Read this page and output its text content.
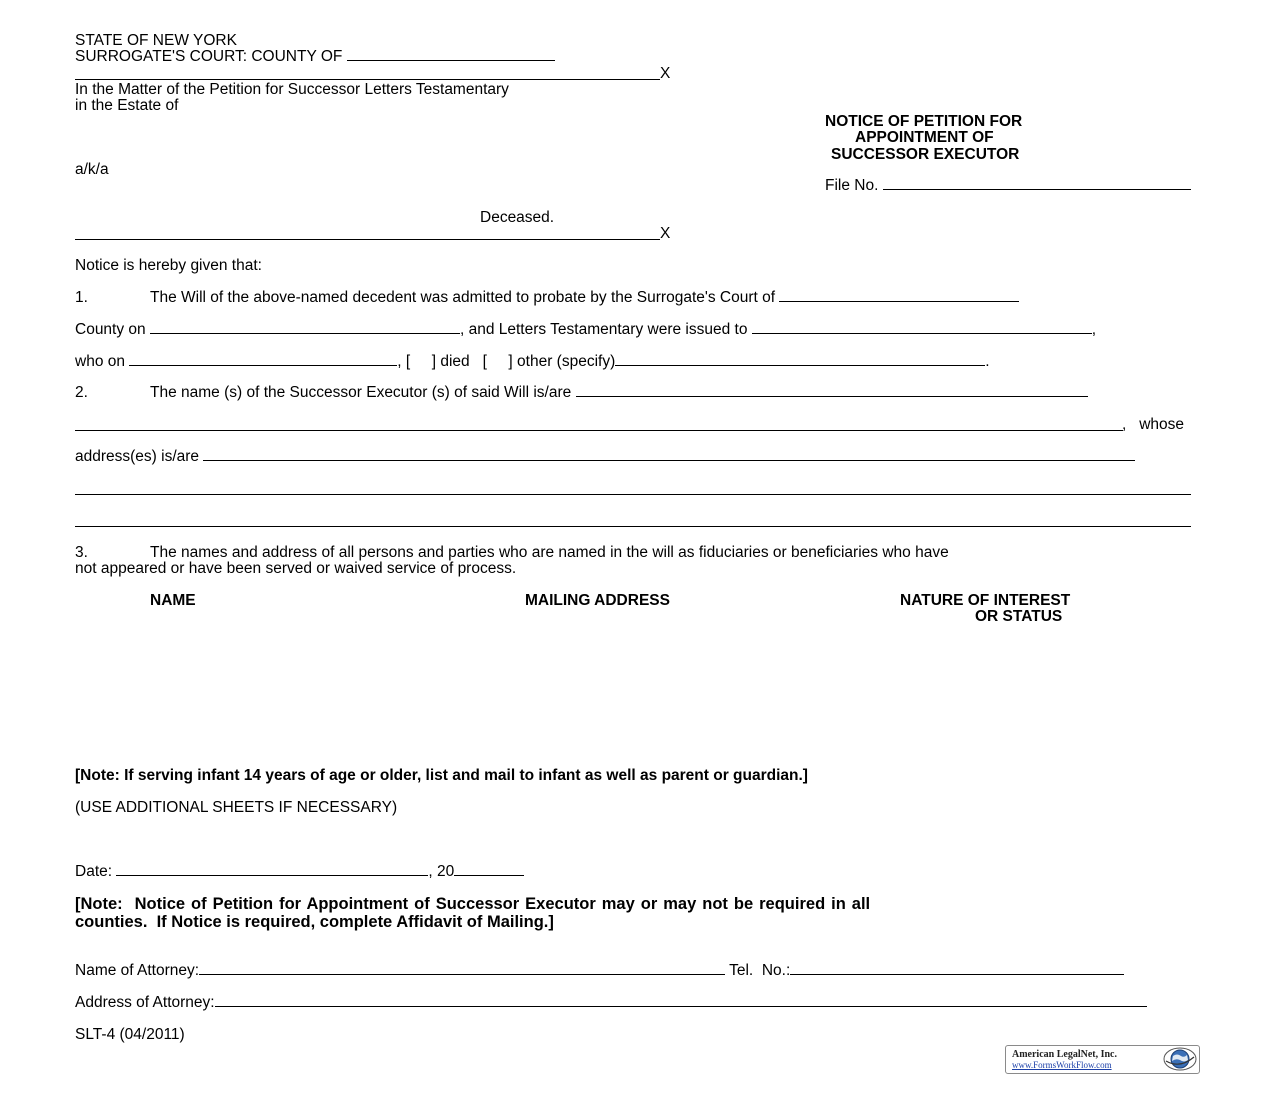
STATE OF NEW YORK
SURROGATE'S COURT: COUNTY OF
X
In the Matter of the Petition for Successor Letters Testamentary
in the Estate of
a/k/a
Deceased.
X
NOTICE OF PETITION FOR
APPOINTMENT OF
SUCCESSOR EXECUTOR
File No.
Notice is hereby given that:
1.	The Will of the above-named decedent was admitted to probate by the Surrogate's Court of
County on	, and Letters Testamentary were issued to	,
who on	, [     ] died [     ] other (specify)	.
2.	The name (s) of the Successor Executor (s) of said Will is/are
,   whose
address(es) is/are
3.	The names and address of all persons and parties who are named in the will as fiduciaries or beneficiaries who have
not appeared or have been served or waived service of process.
NAME	MAILING ADDRESS	NATURE OF INTEREST
OR STATUS
[Note: If serving infant 14 years of age or older, list and mail to infant as well as parent or guardian.]
(USE ADDITIONAL SHEETS IF NECESSARY)
Date:	, 20
[Note:  Notice of Petition for Appointment of Successor Executor may or may not be required in all
counties.  If Notice is required, complete Affidavit of Mailing.]
Name of Attorney:	Tel.  No.:
Address of Attorney:
SLT-4 (04/2011)
American LegalNet, Inc.
www.FormsWorkFlow.com
